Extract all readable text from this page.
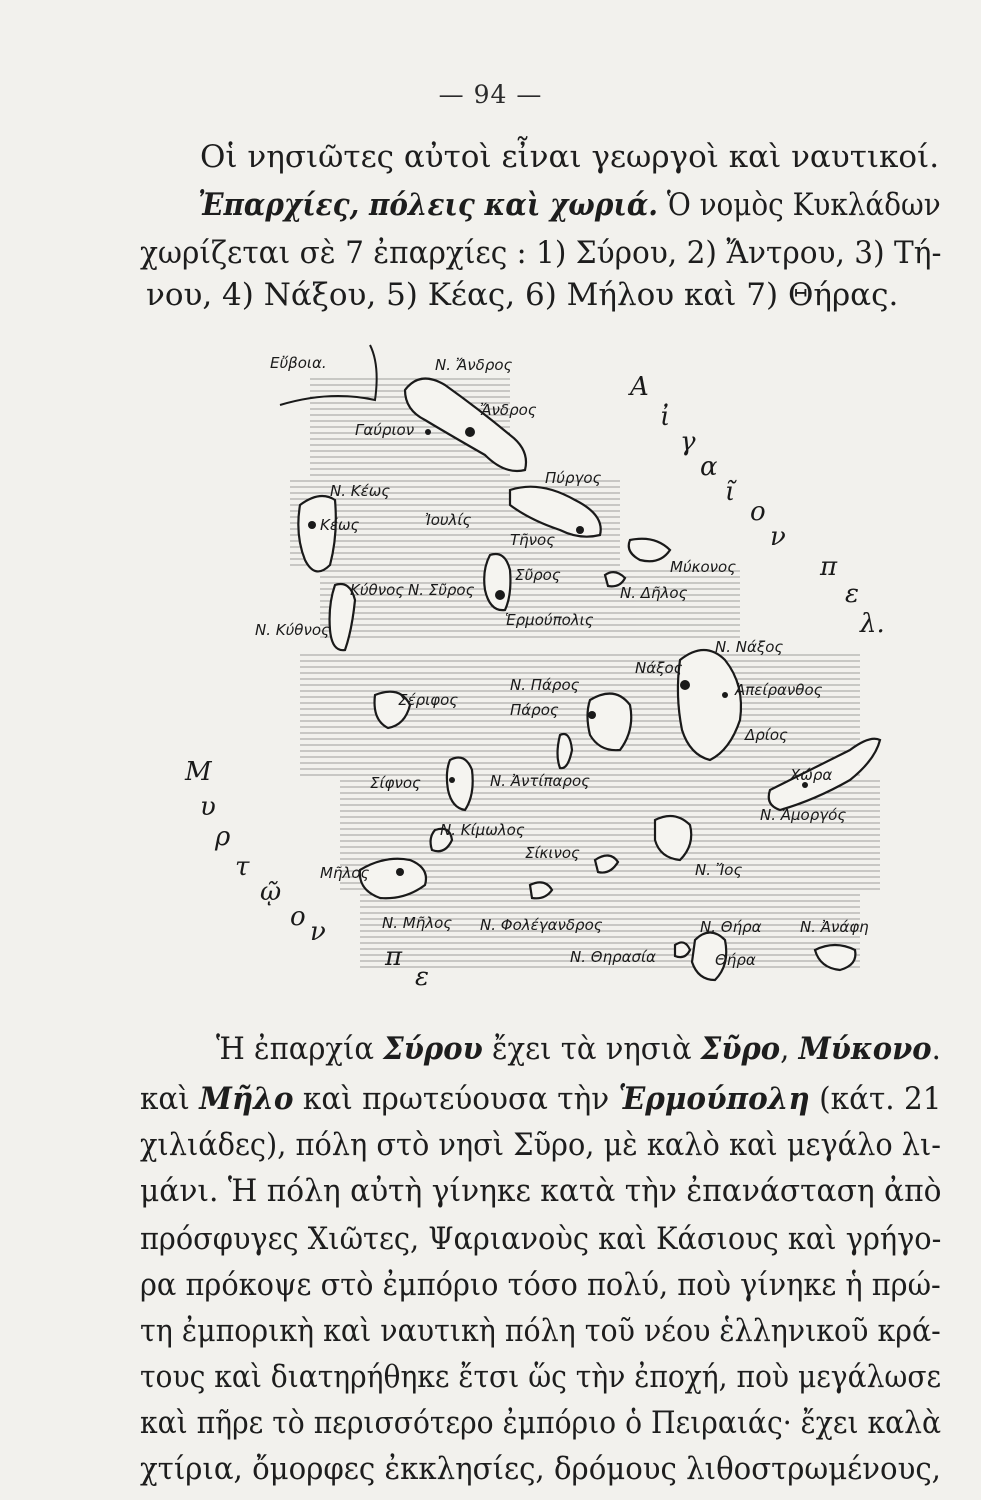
— 94 —
Οἱ νησιῶτες αὐτοὶ εἶναι γεωργοὶ καὶ ναυτικοί.
Ἐπαρχίες, πόλεις καὶ χωριά. Ὁ νομὸς Κυκλάδων
χωρίζεται σὲ 7 ἐπαρχίες : 1) Σύρου, 2) Ἄντρου, 3) Τή-
νου, 4) Νάξου, 5) Κέας, 6) Μήλου καὶ 7) Θήρας.
Α
ἰ
γ
α
ῖ
ο
ν
π
ε
λ.
Μ
υ
ρ
τ
ῷ
ο ν
π
ε
Εὔβοια.	Ν. Ἄνδρος
Ἄνδρος
Γαύριον
Πύργος
Ν. Κέως
Κέως	Ἰουλίς
Τῆνος
Μύκονος
Κύθνος
Ν. Κύθνος
Ν. Σῦρος
Σῦρος
Ν. Δῆλος
Ἑρμούπολις
Ν. Νάξος
Νάξος
Ν. Πάρος
Πάρος
Σέριφος
Ἀπείρανθος
Δρίος
Σίφνος	Ν. Ἀντίπαρος	Χώρα
Ν. Ἀμοργός
Ν. Κίμωλος
Σίκινος
Μῆλος	Ν. Ἴος
Ν. Μῆλος Ν. Φολέγανδρος	Ν. Θήρα
Θήρα
Ν. Ἀνάφη
Ν. Θηρασία
Ἡ ἐπαρχία Σύρου ἔχει τὰ νησιὰ Σῦρο, Μύκονο.
καὶ Μῆλο καὶ πρωτεύουσα τὴν Ἑρμούπολη (κάτ. 21
χιλιάδες), πόλη στὸ νησὶ Σῦρο, μὲ καλὸ καὶ μεγάλο λι-
μάνι. Ἡ πόλη αὐτὴ γίνηκε κατὰ τὴν ἐπανάσταση ἀπὸ
πρόσφυγες Χιῶτες, Ψαριανοὺς καὶ Κάσιους καὶ γρήγο-
ρα πρόκοψε στὸ ἐμπόριο τόσο πολύ, ποὺ γίνηκε ἡ πρώ-
τη ἐμπορικὴ καὶ ναυτικὴ πόλη τοῦ νέου ἑλληνικοῦ κρά-
τους καὶ διατηρήθηκε ἔτσι ὥς τὴν ἐποχή, ποὺ μεγάλωσε
καὶ πῆρε τὸ περισσότερο ἐμπόριο ὁ Πειραιάς· ἔχει καλὰ
χτίρια, ὄμορφες ἐκκλησίες, δρόμους λιθοστρωμένους,
